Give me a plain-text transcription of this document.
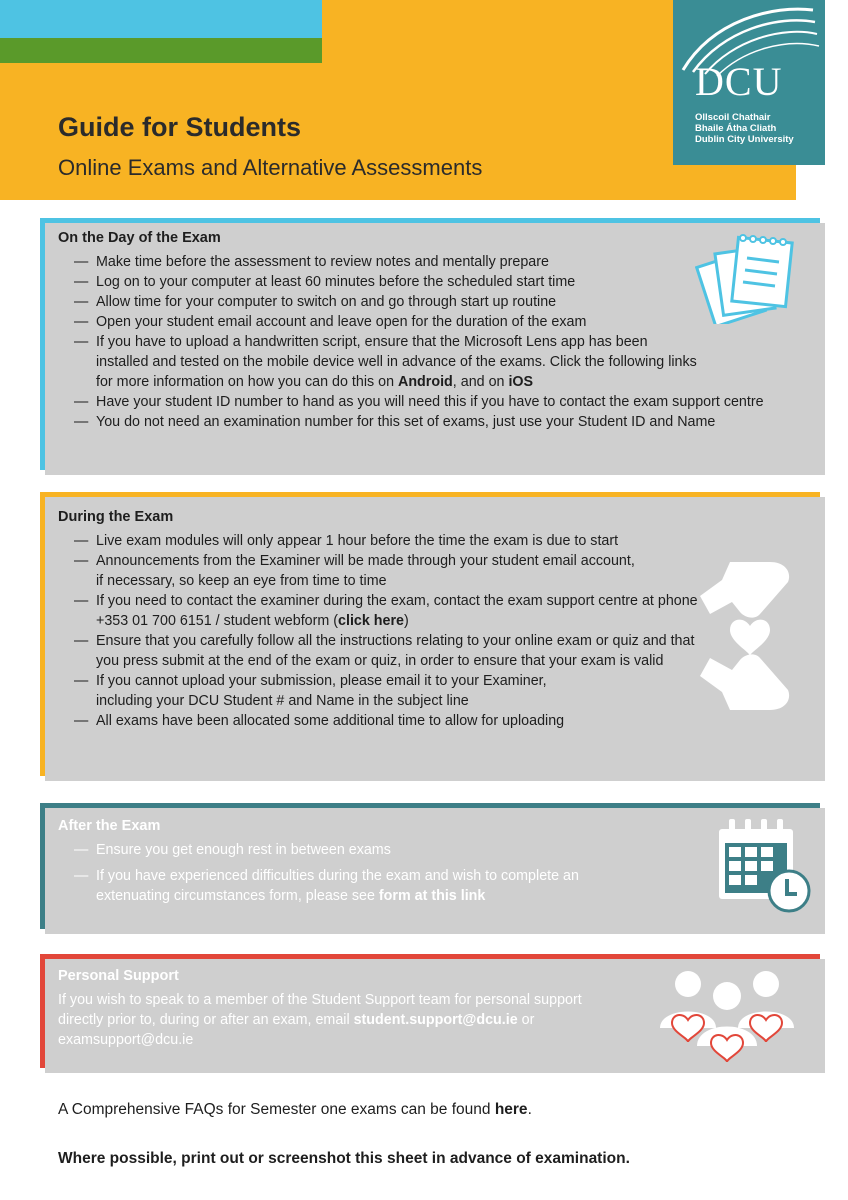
Guide for Students
Online Exams and Alternative Assessments
DCU
Ollscoil Chathair
Bhaile Átha Cliath
Dublin City University
On the Day of the Exam
— Make time before the assessment to review notes and mentally prepare
— Log on to your computer at least 60 minutes before the scheduled start time
— Allow time for your computer to switch on and go through start up routine
— Open your student email account and leave open for the duration of the exam
— If you have to upload a handwritten script, ensure that the Microsoft Lens app has been installed and tested on the mobile device well in advance of the exams. Click the following links for more information on how you can do this on Android, and on iOS
— Have your student ID number to hand as you will need this if you have to contact the exam support centre
— You do not need an examination number for this set of exams, just use your Student ID and Name
During the Exam
— Live exam modules will only appear 1 hour before the time the exam is due to start
— Announcements from the Examiner will be made through your student email account, if necessary, so keep an eye from time to time
— If you need to contact the examiner during the exam, contact the exam support centre at phone +353 01 700 6151 / student webform (click here)
— Ensure that you carefully follow all the instructions relating to your online exam or quiz and that you press submit at the end of the exam or quiz, in order to ensure that your exam is valid
— If you cannot upload your submission, please email it to your Examiner, including your DCU Student # and Name in the subject line
— All exams have been allocated some additional time to allow for uploading
After the Exam
— Ensure you get enough rest in between exams
— If you have experienced difficulties during the exam and wish to complete an extenuating circumstances form, please see form at this link
Personal Support

If you wish to speak to a member of the Student Support team for personal support directly prior to, during or after an exam, email student.support@dcu.ie or examsupport@dcu.ie

A Comprehensive FAQs for Semester one exams can be found here.
Where possible, print out or screenshot this sheet in advance of examination.
